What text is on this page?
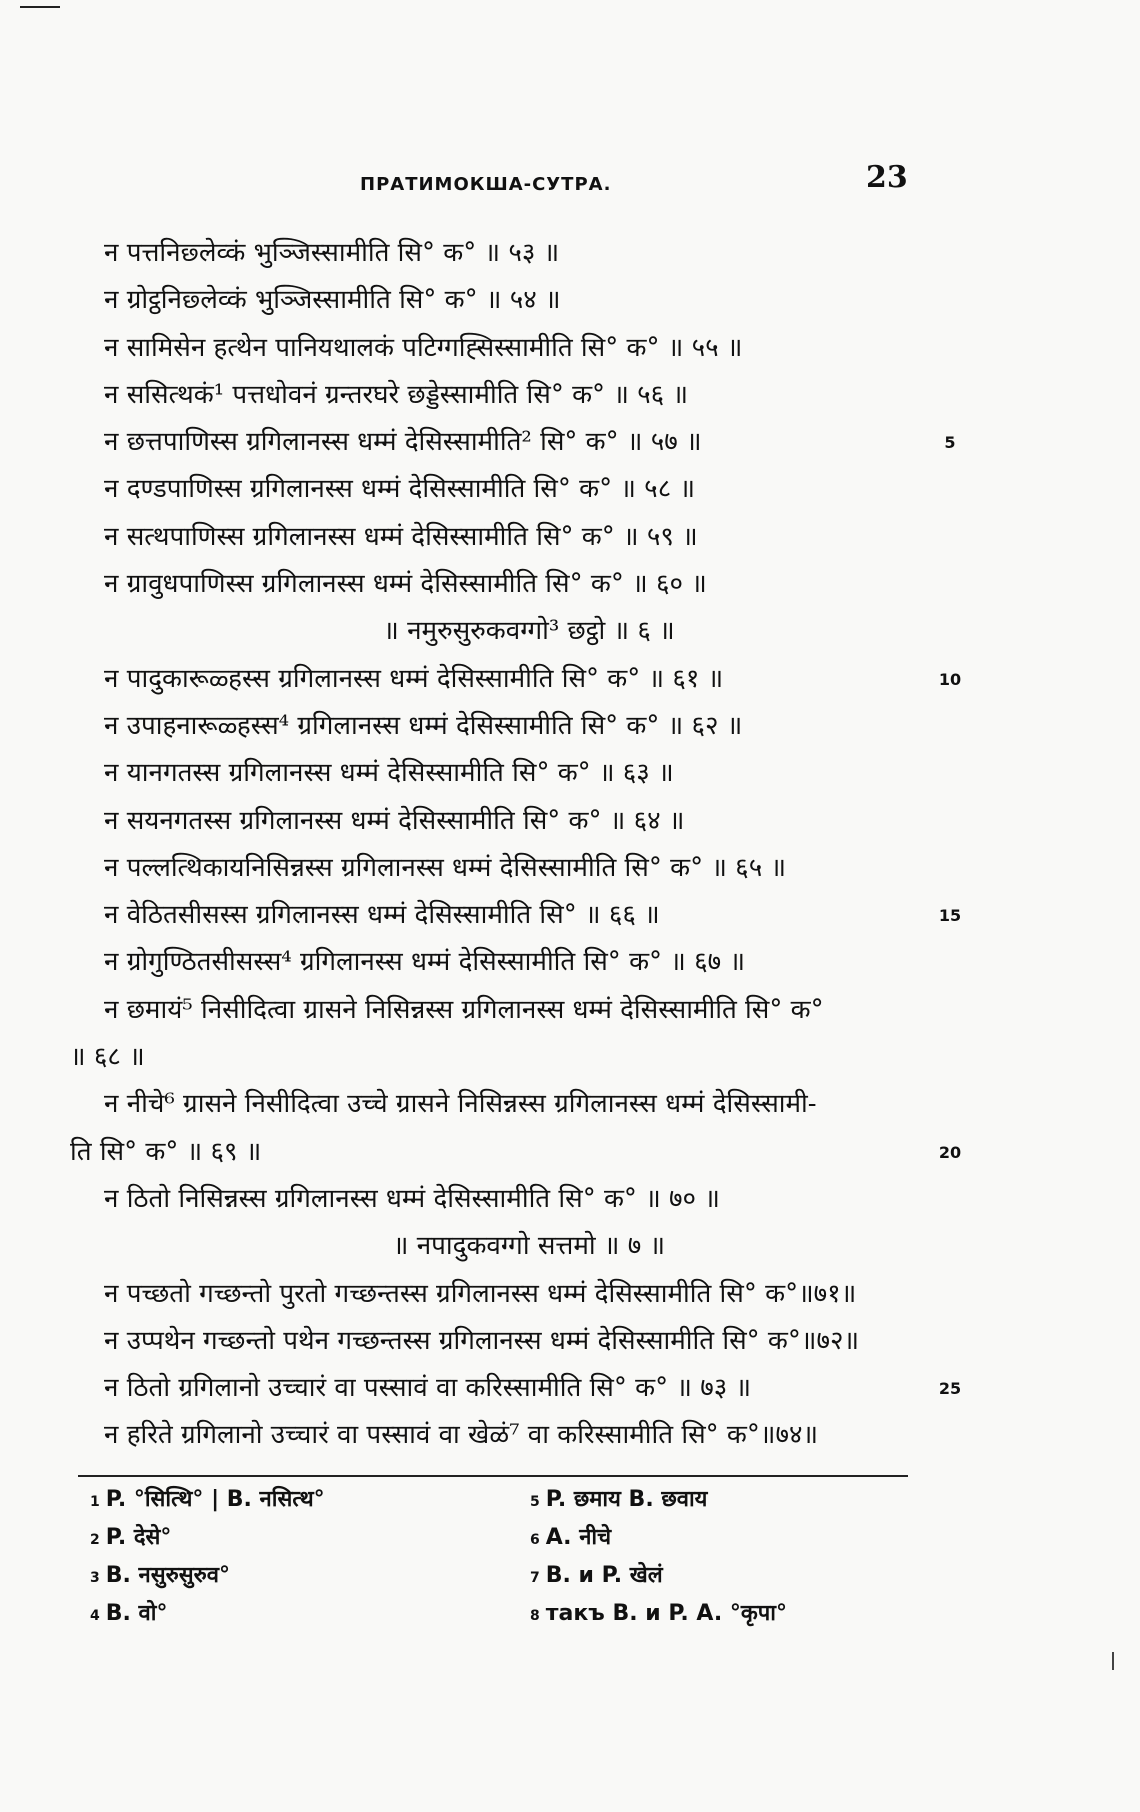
ПРАТИМОКША-СУТРА.	23
न पत्तनिछ्लेव्कं भुञ्जिस्सामीति सि° क° ॥ ५३ ॥
न ग्रोट्ठनिछ्लेव्कं भुञ्जिस्सामीति सि° क° ॥ ५४ ॥
न सामिसेन हत्थेन पानियथालकं पटिग्गह्सिस्सामीति सि° क° ॥ ५५ ॥
न ससित्थकं¹ पत्तधोवनं ग्रन्तरघरे छड्डेस्सामीति सि° क° ॥ ५६ ॥
न छत्तपाणिस्स ग्रगिलानस्स धम्मं देसिस्सामीति² सि° क° ॥ ५७ ॥	5
न दण्डपाणिस्स ग्रगिलानस्स धम्मं देसिस्सामीति सि° क° ॥ ५८ ॥
न सत्थपाणिस्स ग्रगिलानस्स धम्मं देसिस्सामीति सि° क° ॥ ५९ ॥
न ग्रावुधपाणिस्स ग्रगिलानस्स धम्मं देसिस्सामीति सि° क° ॥ ६० ॥
॥ नमुरुसुरुकवग्गो³ छट्ठो ॥ ६ ॥
न पादुकारूळ्हस्स ग्रगिलानस्स धम्मं देसिस्सामीति सि° क° ॥ ६१ ॥	10
न उपाहनारूळ्हस्स⁴ ग्रगिलानस्स धम्मं देसिस्सामीति सि° क° ॥ ६२ ॥
न यानगतस्स ग्रगिलानस्स धम्मं देसिस्सामीति सि° क° ॥ ६३ ॥
न सयनगतस्स ग्रगिलानस्स धम्मं देसिस्सामीति सि° क° ॥ ६४ ॥
न पल्लत्थिकायनिसिन्नस्स ग्रगिलानस्स धम्मं देसिस्सामीति सि° क° ॥ ६५ ॥
न वेठितसीसस्स ग्रगिलानस्स धम्मं देसिस्सामीति सि° ॥ ६६ ॥	15
न ग्रोगुण्ठितसीसस्स⁴ ग्रगिलानस्स धम्मं देसिस्सामीति सि° क° ॥ ६७ ॥
न छमायं⁵ निसीदित्वा ग्रासने निसिन्नस्स ग्रगिलानस्स धम्मं देसिस्सामीति सि° क°
॥ ६८ ॥
न नीचे⁶ ग्रासने निसीदित्वा उच्चे ग्रासने निसिन्नस्स ग्रगिलानस्स धम्मं देसिस्सामी-
ति सि° क° ॥ ६९ ॥	20
न ठितो निसिन्नस्स ग्रगिलानस्स धम्मं देसिस्सामीति सि° क° ॥ ७० ॥
॥ नपादुकवग्गो सत्तमो ॥ ७ ॥
न पच्छतो गच्छन्तो पुरतो गच्छन्तस्स ग्रगिलानस्स धम्मं देसिस्सामीति सि° क°॥७१॥
न उप्पथेन गच्छन्तो पथेन गच्छन्तस्स ग्रगिलानस्स धम्मं देसिस्सामीति सि° क°॥७२॥
न ठितो ग्रगिलानो उच्चारं वा पस्सावं वा करिस्सामीति सि° क° ॥ ७३ ॥	25
न हरिते ग्रगिलानो उच्चारं वा पस्सावं वा खेळं⁷ वा करिस्सामीति सि° क°॥७४॥
1 P. °सित्थि° | B. नसित्थ°
2 P. देसे°
3 B. नसुरुसुरुव°
4 B. वो°
5 P. छमाय B. छवाय
6 A. नीचे
7 B. и P. खेलं
8 такъ B. и P. A. °कृपा°
